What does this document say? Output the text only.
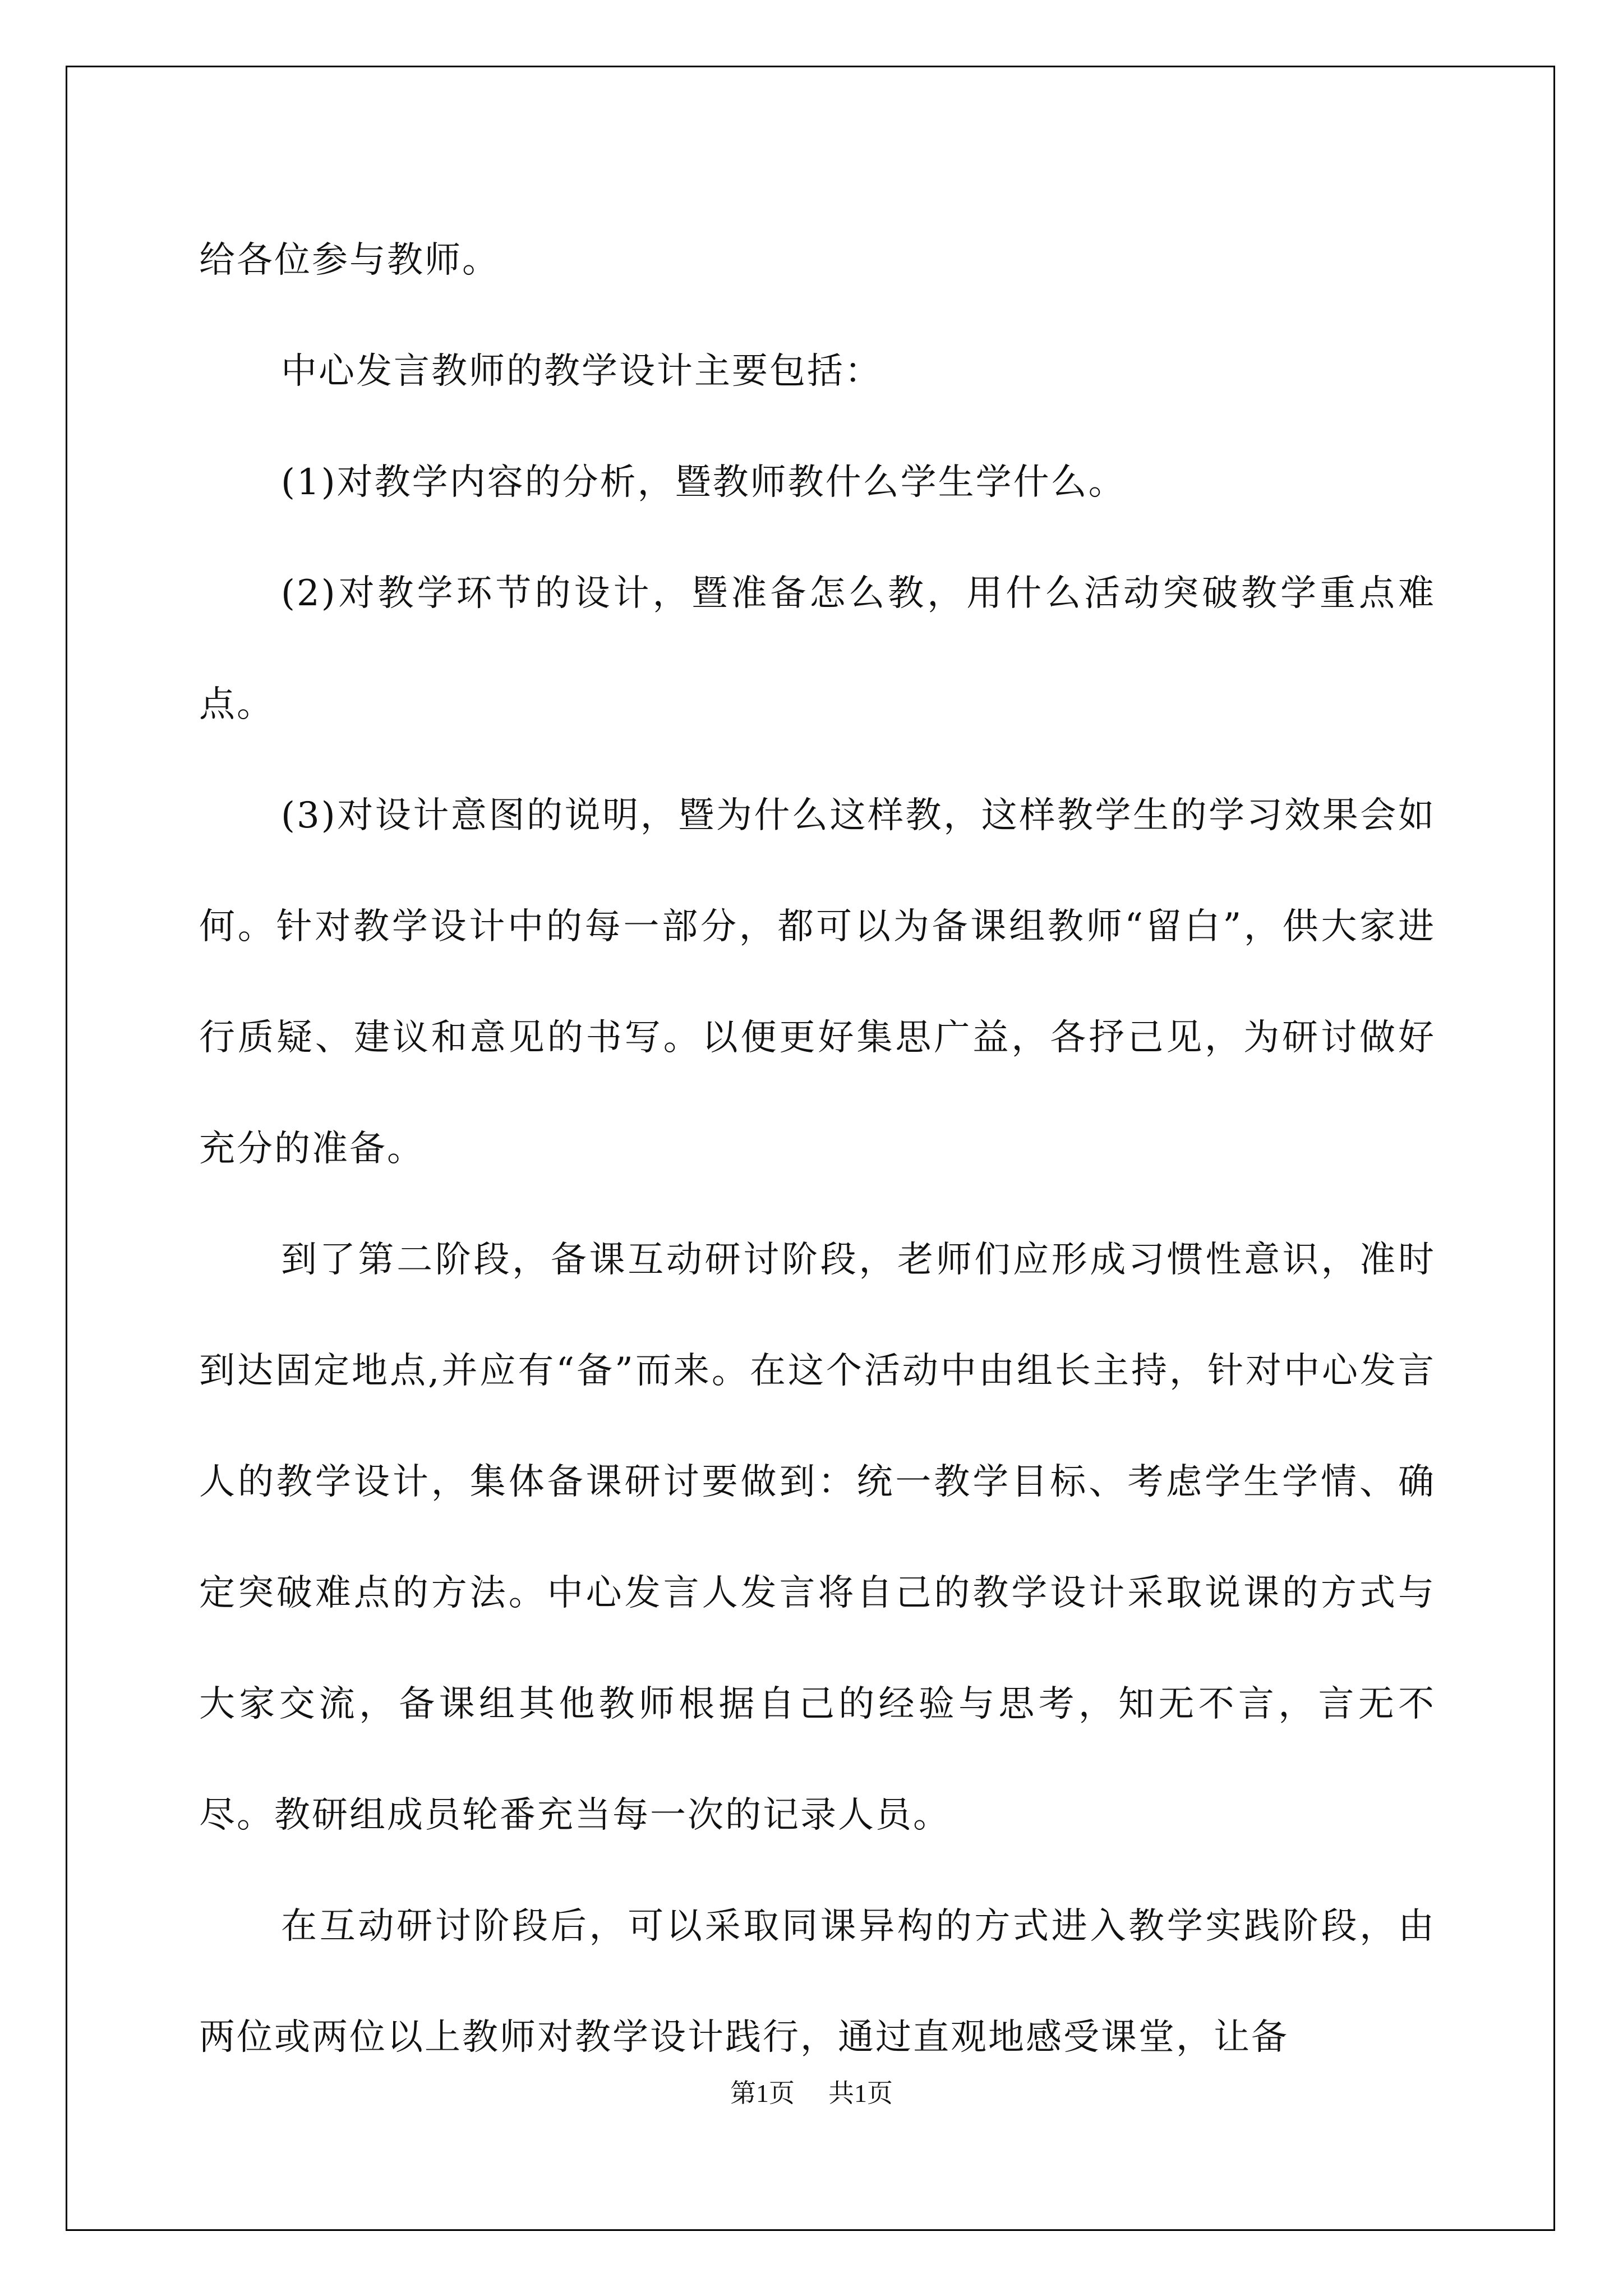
给各位参与教师。

中心发言教师的教学设计主要包括：

(1)对教学内容的分析，暨教师教什么学生学什么。

(2)对教学环节的设计，暨准备怎么教，用什么活动突破教学重点难点。

(3)对设计意图的说明，暨为什么这样教，这样教学生的学习效果会如何。针对教学设计中的每一部分，都可以为备课组教师“留白”，供大家进行质疑、建议和意见的书写。以便更好集思广益，各抒己见，为研讨做好充分的准备。

到了第二阶段，备课互动研讨阶段，老师们应形成习惯性意识，准时到达固定地点,并应有“备”而来。在这个活动中由组长主持，针对中心发言人的教学设计，集体备课研讨要做到：统一教学目标、考虑学生学情、确定突破难点的方法。中心发言人发言将自己的教学设计采取说课的方式与大家交流，备课组其他教师根据自己的经验与思考，知无不言，言无不尽。教研组成员轮番充当每一次的记录人员。

在互动研讨阶段后，可以采取同课异构的方式进入教学实践阶段，由两位或两位以上教师对教学设计践行，通过直观地感受课堂，让备

第1页 共1页
